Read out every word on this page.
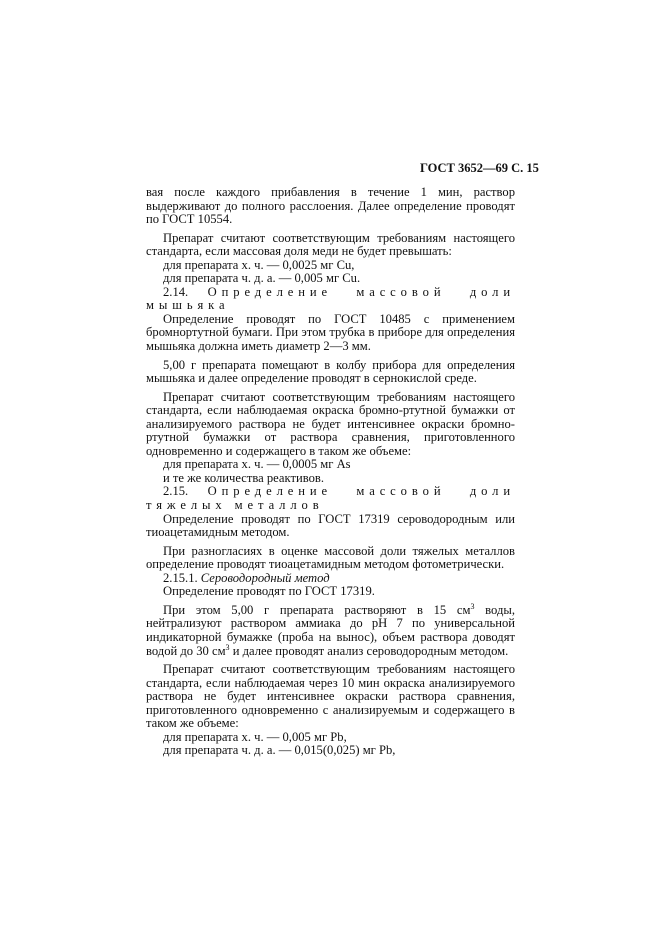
ГОСТ 3652—69 С. 15

вая после каждого прибавления в течение 1 мин, раствор выдерживают до полного расслоения. Далее определение проводят по ГОСТ 10554.

Препарат считают соответствующим требованиям настоящего стандарта, если массовая доля меди не будет превышать:

для препарата х. ч. — 0,0025 мг Cu,

для препарата ч. д. а. — 0,005 мг Cu.

2.14. Определение массовой доли мышьяка

Определение проводят по ГОСТ 10485 с применением бромнортутной бумаги. При этом трубка в приборе для определения мышьяка должна иметь диаметр 2—3 мм.

5,00 г препарата помещают в колбу прибора для определения мышьяка и далее определение проводят в сернокислой среде.

Препарат считают соответствующим требованиям настоящего стандарта, если наблюдаемая окраска бромно-ртутной бумажки от анализируемого раствора не будет интенсивнее окраски бромно-ртутной бумажки от раствора сравнения, приготовленного одновременно и содержащего в таком же объеме:

для препарата х. ч. — 0,0005 мг As

и те же количества реактивов.

2.15. Определение массовой доли тяжелых металлов

Определение проводят по ГОСТ 17319 сероводородным или тиоацетамидным методом.

При разногласиях в оценке массовой доли тяжелых металлов определение проводят тиоацетамидным методом фотометрически.

2.15.1. Сероводородный метод

Определение проводят по ГОСТ 17319.

При этом 5,00 г препарата растворяют в 15 $см^3$ воды, нейтрализуют раствором аммиака до pH 7 по универсальной индикаторной бумажке (проба на вынос), объем раствора доводят водой до 30 $см^3$ и далее проводят анализ сероводородным методом.

Препарат считают соответствующим требованиям настоящего стандарта, если наблюдаемая через 10 мин окраска анализируемого раствора не будет интенсивнее окраски раствора сравнения, приготовленного одновременно с анализируемым и содержащего в таком же объеме:

для препарата х. ч. — 0,005 мг Pb,

для препарата ч. д. а. — 0,015(0,025) мг Pb,
